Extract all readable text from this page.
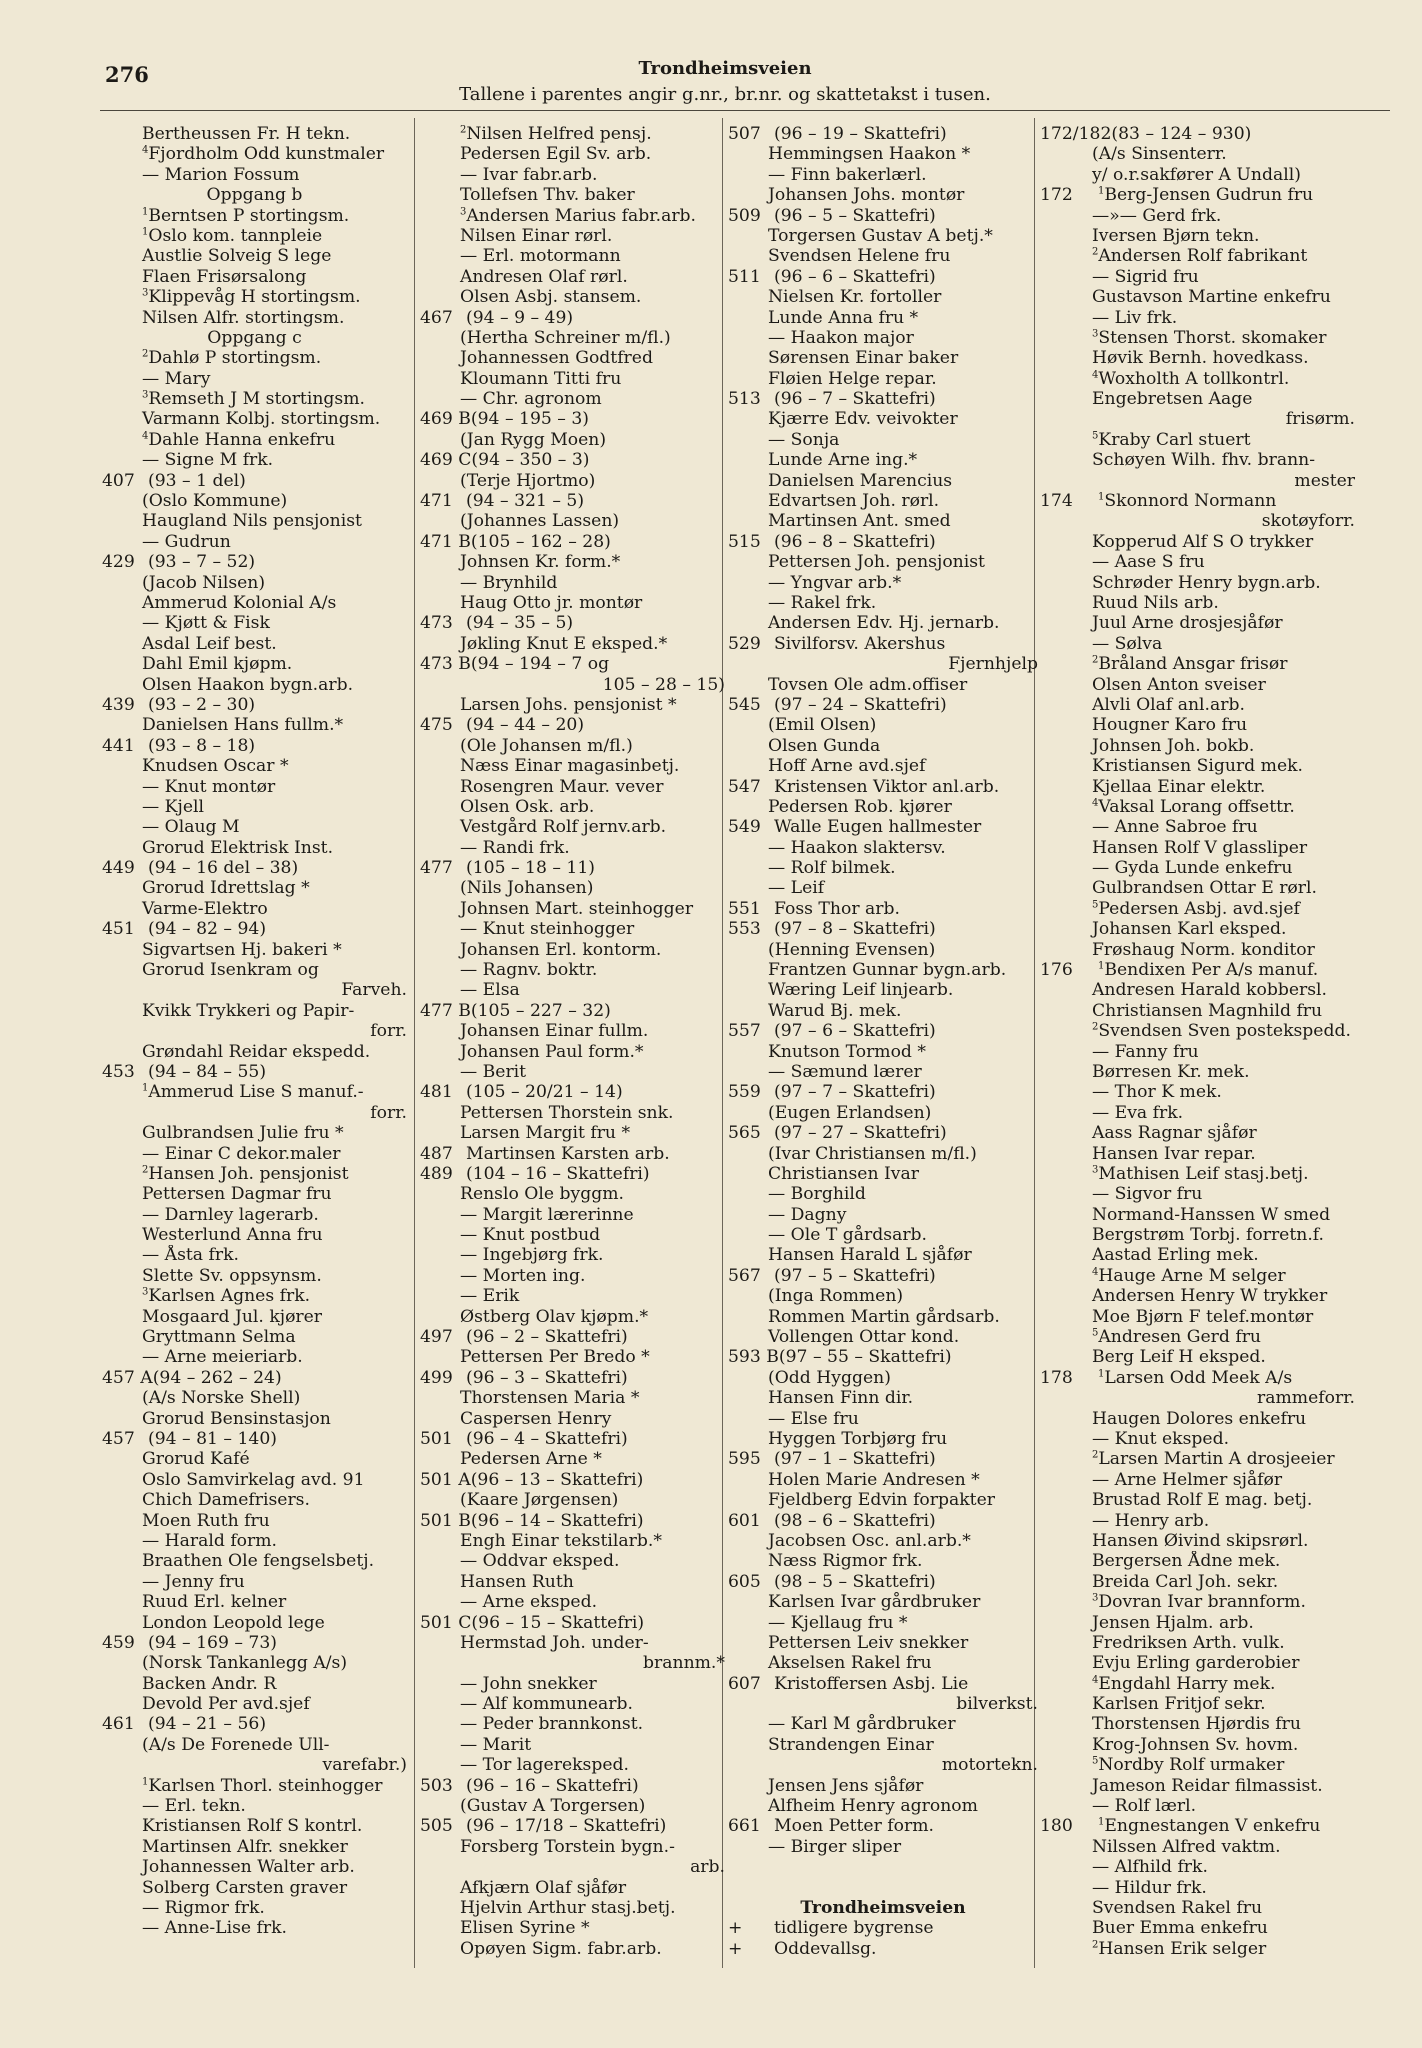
276	Trondheimsveien
Tallene i parentes angir g.nr., br.nr. og skattetakst i tusen.
Bertheussen Fr. H tekn.
$^4$Fjordholm Odd kunstmaler
— Marion Fossum
Oppgang b
$^1$Berntsen P stortingsm.
$^1$Oslo kom. tannpleie
Austlie Solveig S lege
Flaen Frisørsalong
$^3$Klippevåg H stortingsm.
Nilsen Alfr. stortingsm.
Oppgang c
$^2$Dahlø P stortingsm.
— Mary
$^3$Remseth J M stortingsm.
Varmann Kolbj. stortingsm.
$^4$Dahle Hanna enkefru
— Signe M frk.
407 (93 – 1 del)
(Oslo Kommune)
Haugland Nils pensjonist
— Gudrun
429 (93 – 7 – 52)
(Jacob Nilsen)
Ammerud Kolonial A/s
— Kjøtt & Fisk
Asdal Leif best.
Dahl Emil kjøpm.
Olsen Haakon bygn.arb.
439 (93 – 2 – 30)
Danielsen Hans fullm.*
441 (93 – 8 – 18)
Knudsen Oscar *
— Knut montør
— Kjell
— Olaug M
Grorud Elektrisk Inst.
449 (94 – 16 del – 38)
Grorud Idrettslag *
Varme-Elektro
451 (94 – 82 – 94)
Sigvartsen Hj. bakeri *
Grorud Isenkram og
Farveh.
Kvikk Trykkeri og Papir-
forr.
Grøndahl Reidar ekspedd.
453 (94 – 84 – 55)
$^1$Ammerud Lise S manuf.-
forr.
Gulbrandsen Julie fru *
— Einar C dekor.maler
$^2$Hansen Joh. pensjonist
Pettersen Dagmar fru
— Darnley lagerarb.
Westerlund Anna fru
— Åsta frk.
Slette Sv. oppsynsm.
$^3$Karlsen Agnes frk.
Mosgaard Jul. kjører
Gryttmann Selma
— Arne meieriarb.
457 A(94 – 262 – 24)
(A/s Norske Shell)
Grorud Bensinstasjon
457 (94 – 81 – 140)
Grorud Kafé
Oslo Samvirkelag avd. 91
Chich Damefrisers.
Moen Ruth fru
— Harald form.
Braathen Ole fengselsbetj.
— Jenny fru
Ruud Erl. kelner
London Leopold lege
459 (94 – 169 – 73)
(Norsk Tankanlegg A/s)
Backen Andr. R
Devold Per avd.sjef
461 (94 – 21 – 56)
(A/s De Forenede Ull-
varefabr.)
$^1$Karlsen Thorl. steinhogger
— Erl. tekn.
Kristiansen Rolf S kontrl.
Martinsen Alfr. snekker
Johannessen Walter arb.
Solberg Carsten graver
— Rigmor frk.
— Anne-Lise frk.
$^2$Nilsen Helfred pensj.
Pedersen Egil Sv. arb.
— Ivar fabr.arb.
Tollefsen Thv. baker
$^3$Andersen Marius fabr.arb.
Nilsen Einar rørl.
— Erl. motormann
Andresen Olaf rørl.
Olsen Asbj. stansem.
467 (94 – 9 – 49)
(Hertha Schreiner m/fl.)
Johannessen Godtfred
Kloumann Titti fru
— Chr. agronom
469 B(94 – 195 – 3)
(Jan Rygg Moen)
469 C(94 – 350 – 3)
(Terje Hjortmo)
471 (94 – 321 – 5)
(Johannes Lassen)
471 B(105 – 162 – 28)
Johnsen Kr. form.*
— Brynhild
Haug Otto jr. montør
473 (94 – 35 – 5)
Jøkling Knut E eksped.*
473 B(94 – 194 – 7 og
105 – 28 – 15)
Larsen Johs. pensjonist *
475 (94 – 44 – 20)
(Ole Johansen m/fl.)
Næss Einar magasinbetj.
Rosengren Maur. vever
Olsen Osk. arb.
Vestgård Rolf jernv.arb.
— Randi frk.
477 (105 – 18 – 11)
(Nils Johansen)
Johnsen Mart. steinhogger
— Knut steinhogger
Johansen Erl. kontorm.
— Ragnv. boktr.
— Elsa
477 B(105 – 227 – 32)
Johansen Einar fullm.
Johansen Paul form.*
— Berit
481 (105 – 20/21 – 14)
Pettersen Thorstein snk.
Larsen Margit fru *
487 Martinsen Karsten arb.
489 (104 – 16 – Skattefri)
Renslo Ole byggm.
— Margit lærerinne
— Knut postbud
— Ingebjørg frk.
— Morten ing.
— Erik
Østberg Olav kjøpm.*
497 (96 – 2 – Skattefri)
Pettersen Per Bredo *
499 (96 – 3 – Skattefri)
Thorstensen Maria *
Caspersen Henry
501 (96 – 4 – Skattefri)
Pedersen Arne *
501 A(96 – 13 – Skattefri)
(Kaare Jørgensen)
501 B(96 – 14 – Skattefri)
Engh Einar tekstilarb.*
— Oddvar eksped.
Hansen Ruth
— Arne eksped.
501 C(96 – 15 – Skattefri)
Hermstad Joh. under-
brannm.*
— John snekker
— Alf kommunearb.
— Peder brannkonst.
— Marit
— Tor lagereksped.
503 (96 – 16 – Skattefri)
(Gustav A Torgersen)
505 (96 – 17/18 – Skattefri)
Forsberg Torstein bygn.-
arb.
Afkjærn Olaf sjåfør
Hjelvin Arthur stasj.betj.
Elisen Syrine *
Opøyen Sigm. fabr.arb.
507 (96 – 19 – Skattefri)
Hemmingsen Haakon *
— Finn bakerlærl.
Johansen Johs. montør
509 (96 – 5 – Skattefri)
Torgersen Gustav A betj.*
Svendsen Helene fru
511 (96 – 6 – Skattefri)
Nielsen Kr. fortoller
Lunde Anna fru *
— Haakon major
Sørensen Einar baker
Fløien Helge repar.
513 (96 – 7 – Skattefri)
Kjærre Edv. veivokter
— Sonja
Lunde Arne ing.*
Danielsen Marencius
Edvartsen Joh. rørl.
Martinsen Ant. smed
515 (96 – 8 – Skattefri)
Pettersen Joh. pensjonist
— Yngvar arb.*
— Rakel frk.
Andersen Edv. Hj. jernarb.
529 Sivilforsv. Akershus
Fjernhjelp
Tovsen Ole adm.offiser
545 (97 – 24 – Skattefri)
(Emil Olsen)
Olsen Gunda
Hoff Arne avd.sjef
547 Kristensen Viktor anl.arb.
Pedersen Rob. kjører
549 Walle Eugen hallmester
— Haakon slaktersv.
— Rolf bilmek.
— Leif
551 Foss Thor arb.
553 (97 – 8 – Skattefri)
(Henning Evensen)
Frantzen Gunnar bygn.arb.
Wæring Leif linjearb.
Warud Bj. mek.
557 (97 – 6 – Skattefri)
Knutson Tormod *
— Sæmund lærer
559 (97 – 7 – Skattefri)
(Eugen Erlandsen)
565 (97 – 27 – Skattefri)
(Ivar Christiansen m/fl.)
Christiansen Ivar
— Borghild
— Dagny
— Ole T gårdsarb.
Hansen Harald L sjåfør
567 (97 – 5 – Skattefri)
(Inga Rommen)
Rommen Martin gårdsarb.
Vollengen Ottar kond.
593 B(97 – 55 – Skattefri)
(Odd Hyggen)
Hansen Finn dir.
— Else fru
Hyggen Torbjørg fru
595 (97 – 1 – Skattefri)
Holen Marie Andresen *
Fjeldberg Edvin forpakter
601 (98 – 6 – Skattefri)
Jacobsen Osc. anl.arb.*
Næss Rigmor frk.
605 (98 – 5 – Skattefri)
Karlsen Ivar gårdbruker
— Kjellaug fru *
Pettersen Leiv snekker
Akselsen Rakel fru
607 Kristoffersen Asbj. Lie
bilverkst.
— Karl M gårdbruker
Strandengen Einar
motortekn.
Jensen Jens sjåfør
Alfheim Henry agronom
661 Moen Petter form.
— Birger sliper
Trondheimsveien
+ tidligere bygrense
+ Oddevallsg.
172/182(83 – 124 – 930)
(A/s Sinsenterr.
y/ o.r.sakfører A Undall)
172	$^1$Berg-Jensen Gudrun fru
—»— Gerd frk.
Iversen Bjørn tekn.
$^2$Andersen Rolf fabrikant
— Sigrid fru
Gustavson Martine enkefru
— Liv frk.
$^3$Stensen Thorst. skomaker
Høvik Bernh. hovedkass.
$^4$Woxholth A tollkontrl.
Engebretsen Aage
frisørm.
$^5$Kraby Carl stuert
Schøyen Wilh. fhv. brann-
mester
174	$^1$Skonnord Normann
skotøyforr.
Kopperud Alf S O trykker
— Aase S fru
Schrøder Henry bygn.arb.
Ruud Nils arb.
Juul Arne drosjesjåfør
— Sølva
$^2$Bråland Ansgar frisør
Olsen Anton sveiser
Alvli Olaf anl.arb.
Hougner Karo fru
Johnsen Joh. bokb.
Kristiansen Sigurd mek.
Kjellaa Einar elektr.
$^4$Vaksal Lorang offsettr.
— Anne Sabroe fru
Hansen Rolf V glassliper
— Gyda Lunde enkefru
Gulbrandsen Ottar E rørl.
$^5$Pedersen Asbj. avd.sjef
Johansen Karl eksped.
Frøshaug Norm. konditor
176	$^1$Bendixen Per A/s manuf.
Andresen Harald kobbersl.
Christiansen Magnhild fru
$^2$Svendsen Sven postekspedd.
— Fanny fru
Børresen Kr. mek.
— Thor K mek.
— Eva frk.
Aass Ragnar sjåfør
Hansen Ivar repar.
$^3$Mathisen Leif stasj.betj.
— Sigvor fru
Normand-Hanssen W smed
Bergstrøm Torbj. forretn.f.
Aastad Erling mek.
$^4$Hauge Arne M selger
Andersen Henry W trykker
Moe Bjørn F telef.montør
$^5$Andresen Gerd fru
Berg Leif H eksped.
178	$^1$Larsen Odd Meek A/s
rammeforr.
Haugen Dolores enkefru
— Knut eksped.
$^2$Larsen Martin A drosjeeier
— Arne Helmer sjåfør
Brustad Rolf E mag. betj.
— Henry arb.
Hansen Øivind skipsrørl.
Bergersen Ådne mek.
Breida Carl Joh. sekr.
$^3$Dovran Ivar brannform.
Jensen Hjalm. arb.
Fredriksen Arth. vulk.
Evju Erling garderobier
$^4$Engdahl Harry mek.
Karlsen Fritjof sekr.
Thorstensen Hjørdis fru
Krog-Johnsen Sv. hovm.
$^5$Nordby Rolf urmaker
Jameson Reidar filmassist.
— Rolf lærl.
180	$^1$Engnestangen V enkefru
Nilssen Alfred vaktm.
— Alfhild frk.
— Hildur frk.
Svendsen Rakel fru
Buer Emma enkefru
$^2$Hansen Erik selger
